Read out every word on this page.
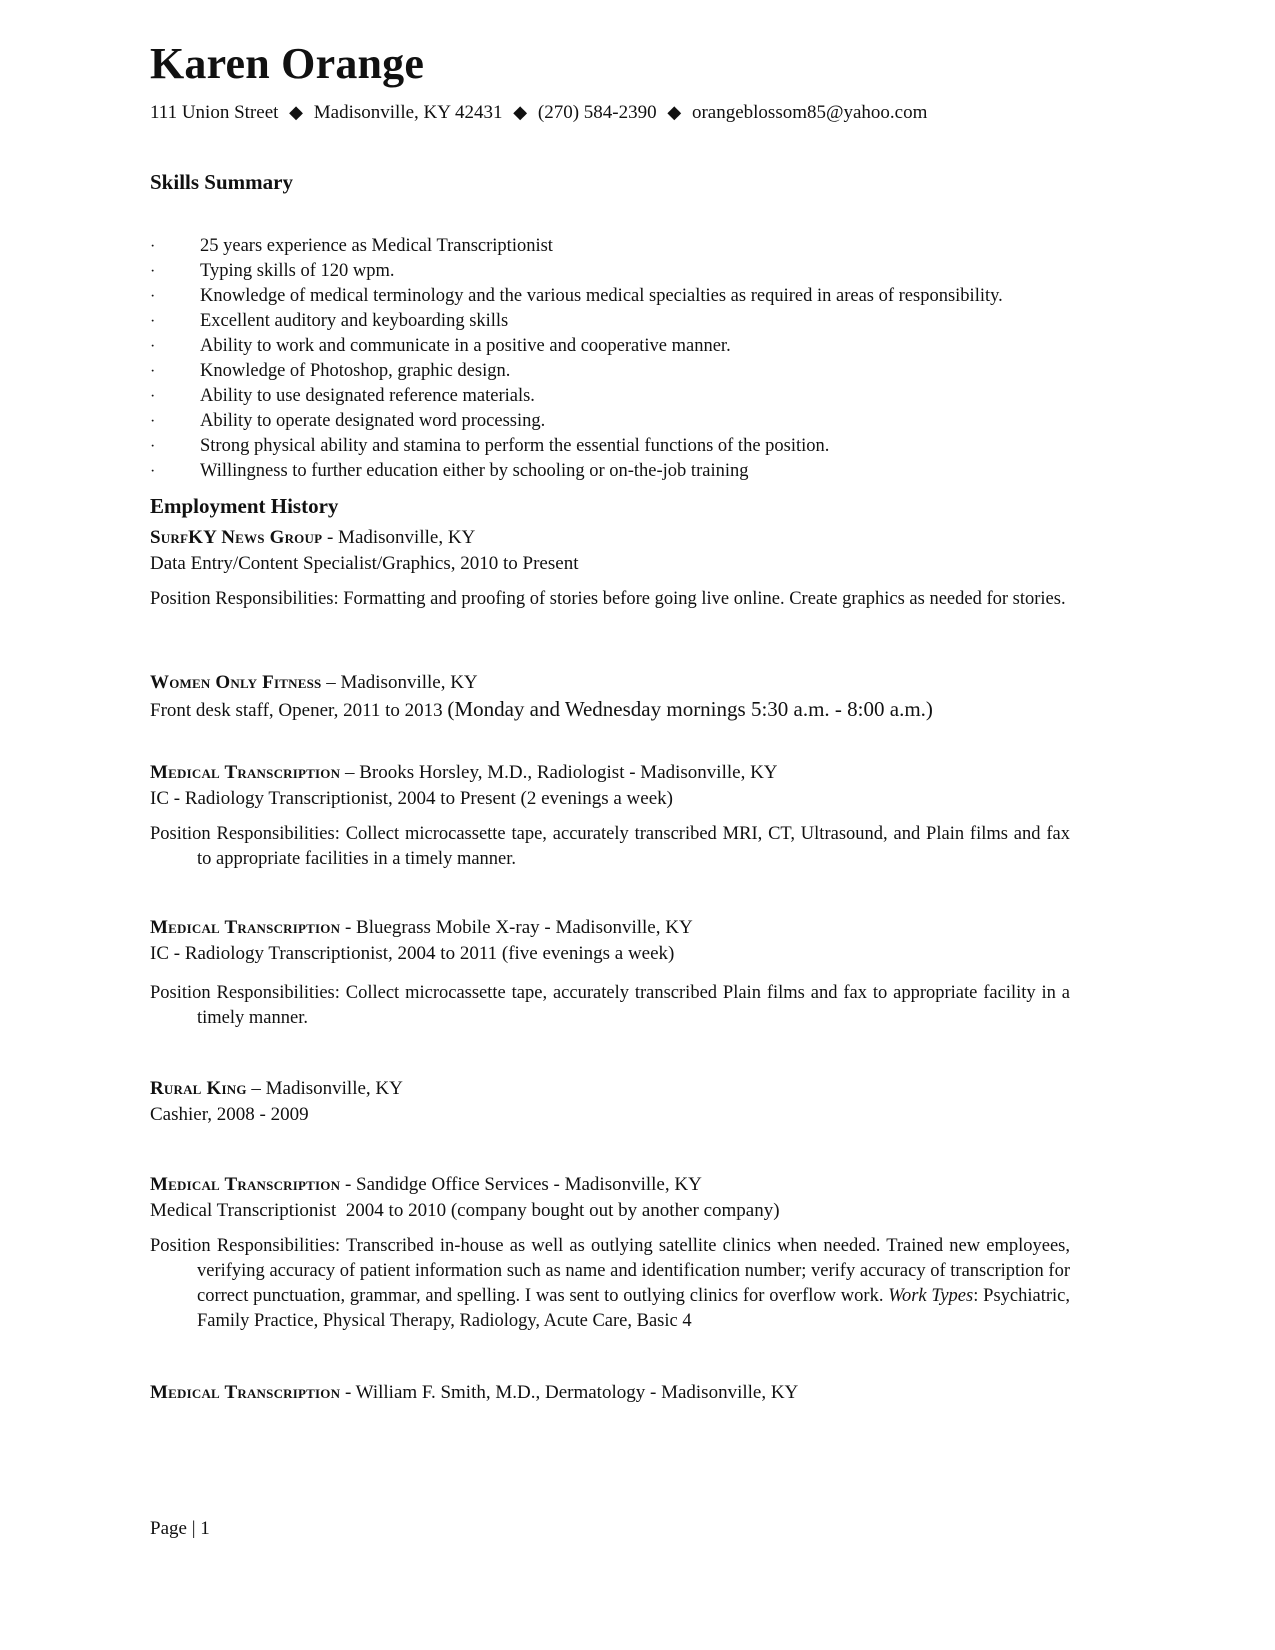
Karen Orange
111 Union Street ◆ Madisonville, KY 42431 ◆ (270) 584-2390 ◆ orangeblossom85@yahoo.com
Skills Summary
· 25 years experience as Medical Transcriptionist
· Typing skills of 120 wpm.
· Knowledge of medical terminology and the various medical specialties as required in areas of responsibility.
· Excellent auditory and keyboarding skills
· Ability to work and communicate in a positive and cooperative manner.
· Knowledge of Photoshop, graphic design.
· Ability to use designated reference materials.
· Ability to operate designated word processing.
· Strong physical ability and stamina to perform the essential functions of the position.
· Willingness to further education either by schooling or on-the-job training
Employment History
SurfKY News Group - Madisonville, KY
Data Entry/Content Specialist/Graphics, 2010 to Present
Position Responsibilities: Formatting and proofing of stories before going live online. Create graphics as needed for stories.
Women Only Fitness – Madisonville, KY
Front desk staff, Opener, 2011 to 2013 (Monday and Wednesday mornings 5:30 a.m. - 8:00 a.m.)
Medical Transcription – Brooks Horsley, M.D., Radiologist - Madisonville, KY
IC - Radiology Transcriptionist, 2004 to Present (2 evenings a week)
Position Responsibilities: Collect microcassette tape, accurately transcribed MRI, CT, Ultrasound, and Plain films and fax to appropriate facilities in a timely manner.
Medical Transcription - Bluegrass Mobile X-ray - Madisonville, KY
IC - Radiology Transcriptionist, 2004 to 2011 (five evenings a week)
Position Responsibilities: Collect microcassette tape, accurately transcribed Plain films and fax to appropriate facility in a timely manner.
Rural King – Madisonville, KY
Cashier, 2008 - 2009
Medical Transcription - Sandidge Office Services - Madisonville, KY
Medical Transcriptionist  2004 to 2010 (company bought out by another company)
Position Responsibilities: Transcribed in-house as well as outlying satellite clinics when needed. Trained new employees, verifying accuracy of patient information such as name and identification number; verify accuracy of transcription for correct punctuation, grammar, and spelling. I was sent to outlying clinics for overflow work. Work Types: Psychiatric, Family Practice, Physical Therapy, Radiology, Acute Care, Basic 4
Medical Transcription - William F. Smith, M.D., Dermatology - Madisonville, KY
Page | 1
